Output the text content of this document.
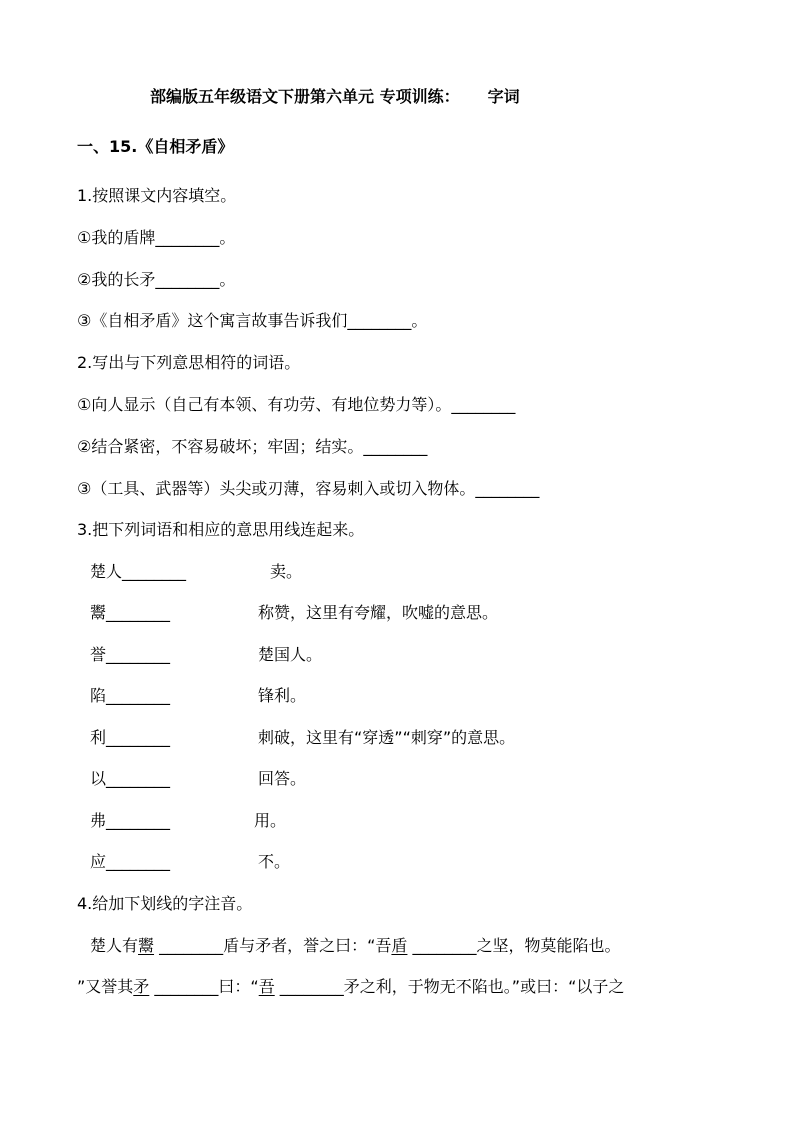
部编版五年级语文下册第六单元 专项训练： 字词
一、15.《自相矛盾》
1.按照课文内容填空。
①我的盾牌________。
②我的长矛________。
③《自相矛盾》这个寓言故事告诉我们________。
2.写出与下列意思相符的词语。
①向人显示（自己有本领、有功劳、有地位势力等）。________
②结合紧密，不容易破坏；牢固；结实。________
③（工具、武器等）头尖或刃薄，容易刺入或切入物体。________
3.把下列词语和相应的意思用线连起来。
楚人________	卖。
鬻________	称赞，这里有夸耀，吹嘘的意思。
誉________	楚国人。
陷________	锋利。
利________	刺破，这里有“穿透”“刺穿”的意思。
以________	回答。
弗________	用。
应________	不。
4.给加下划线的字注音。
楚人有鬻 ________盾与矛者，誉之曰：“吾盾 ________之坚，物莫能陷也。
”又誉其矛 ________曰：“吾 ________矛之利，于物无不陷也。”或曰：“以子之
